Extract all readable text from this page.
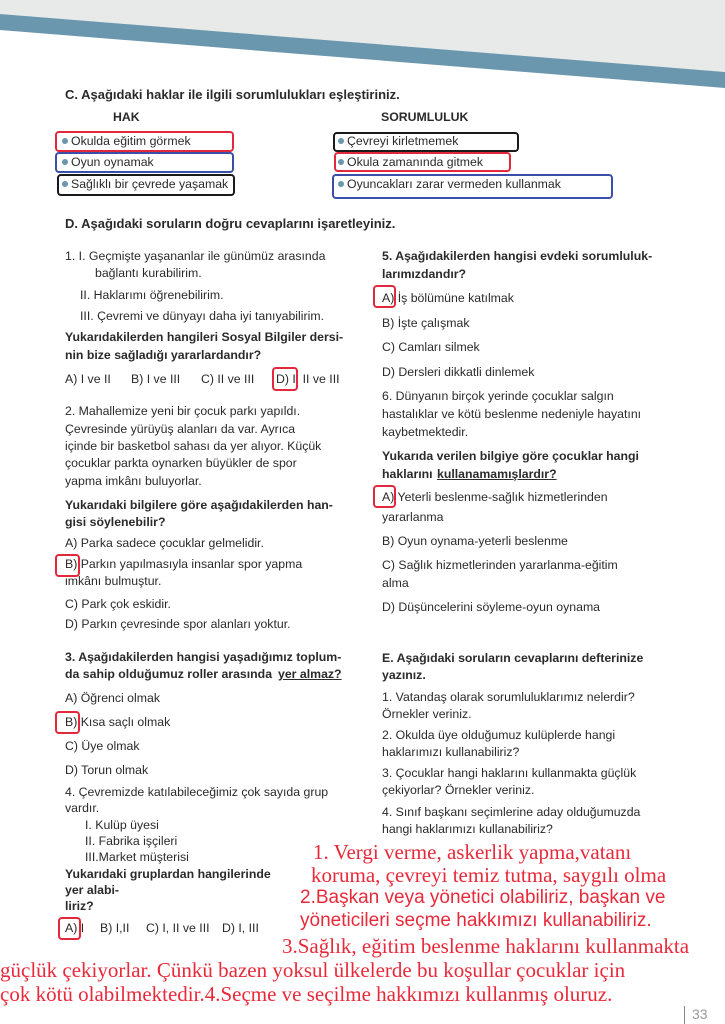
C. Aşağıdaki haklar ile ilgili sorumlulukları eşleştiriniz.
HAK	SORUMLULUK
Okulda eğitim görmek
Oyun oynamak
Sağlıklı bir çevrede yaşamak
Çevreyi kirletmemek
Okula zamanında gitmek
Oyuncakları zarar vermeden kullanmak
D. Aşağıdaki soruların doğru cevaplarını işaretleyiniz.
1. I. Geçmişte yaşananlar ile günümüz arasında
bağlantı kurabilirim.
II. Haklarımı öğrenebilirim.
III. Çevremi ve dünyayı daha iyi tanıyabilirim.
Yukarıdakilerden hangileri Sosyal Bilgiler dersi-
nin bize sağladığı yararlardandır?
A) I ve II B) I ve III C) II ve III D) I, II ve III
2. Mahallemize yeni bir çocuk parkı yapıldı.
Çevresinde yürüyüş alanları da var. Ayrıca
içinde bir basketbol sahası da yer alıyor. Küçük
çocuklar parkta oynarken büyükler de spor
yapma imkânı buluyorlar.
Yukarıdaki bilgilere göre aşağıdakilerden han-
gisi söylenebilir?
A) Parka sadece çocuklar gelmelidir.
B) Parkın yapılmasıyla insanlar spor yapma
imkânı bulmuştur.
C) Park çok eskidir.
D) Parkın çevresinde spor alanları yoktur.
3. Aşağıdakilerden hangisi yaşadığımız toplum-
da sahip olduğumuz roller arasında yer almaz?
A) Öğrenci olmak
B) Kısa saçlı olmak
C) Üye olmak
D) Torun olmak
4. Çevremizde katılabileceğimiz çok sayıda grup
vardır.
I. Kulüp üyesi
II. Fabrika işçileri
III.Market müşterisi
Yukarıdaki gruplardan hangilerinde yer alabi-
liriz?
A) I B) I,II C) I, II ve III D) I, III
5. Aşağıdakilerden hangisi evdeki sorumluluk-
larımızdandır?
A) İş bölümüne katılmak
B) İşte çalışmak
C) Camları silmek
D) Dersleri dikkatli dinlemek
6. Dünyanın birçok yerinde çocuklar salgın
hastalıklar ve kötü beslenme nedeniyle hayatını
kaybetmektedir.
Yukarıda verilen bilgiye göre çocuklar hangi
haklarını kullanamamışlardır?
A) Yeterli beslenme-sağlık hizmetlerinden
yararlanma
B) Oyun oynama-yeterli beslenme
C) Sağlık hizmetlerinden yararlanma-eğitim
alma
D) Düşüncelerini söyleme-oyun oynama
E. Aşağıdaki soruların cevaplarını defterinize
yazınız.
1. Vatandaş olarak sorumluluklarımız nelerdir?
Örnekler veriniz.
2. Okulda üye olduğumuz kulüplerde hangi
haklarımızı kullanabiliriz?
3. Çocuklar hangi haklarını kullanmakta güçlük
çekiyorlar? Örnekler veriniz.
4. Sınıf başkanı seçimlerine aday olduğumuzda
hangi haklarımızı kullanabiliriz?
1. Vergi verme, askerlik yapma,vatanı
koruma, çevreyi temiz tutma, saygılı olma
2.Başkan veya yönetici olabiliriz, başkan ve
yöneticileri seçme hakkımızı kullanabiliriz.
3.Sağlık, eğitim beslenme haklarını kullanmakta
güçlük çekiyorlar. Çünkü bazen yoksul ülkelerde bu koşullar çocuklar için
çok kötü olabilmektedir.4.Seçme ve seçilme hakkımızı kullanmış oluruz.
33
